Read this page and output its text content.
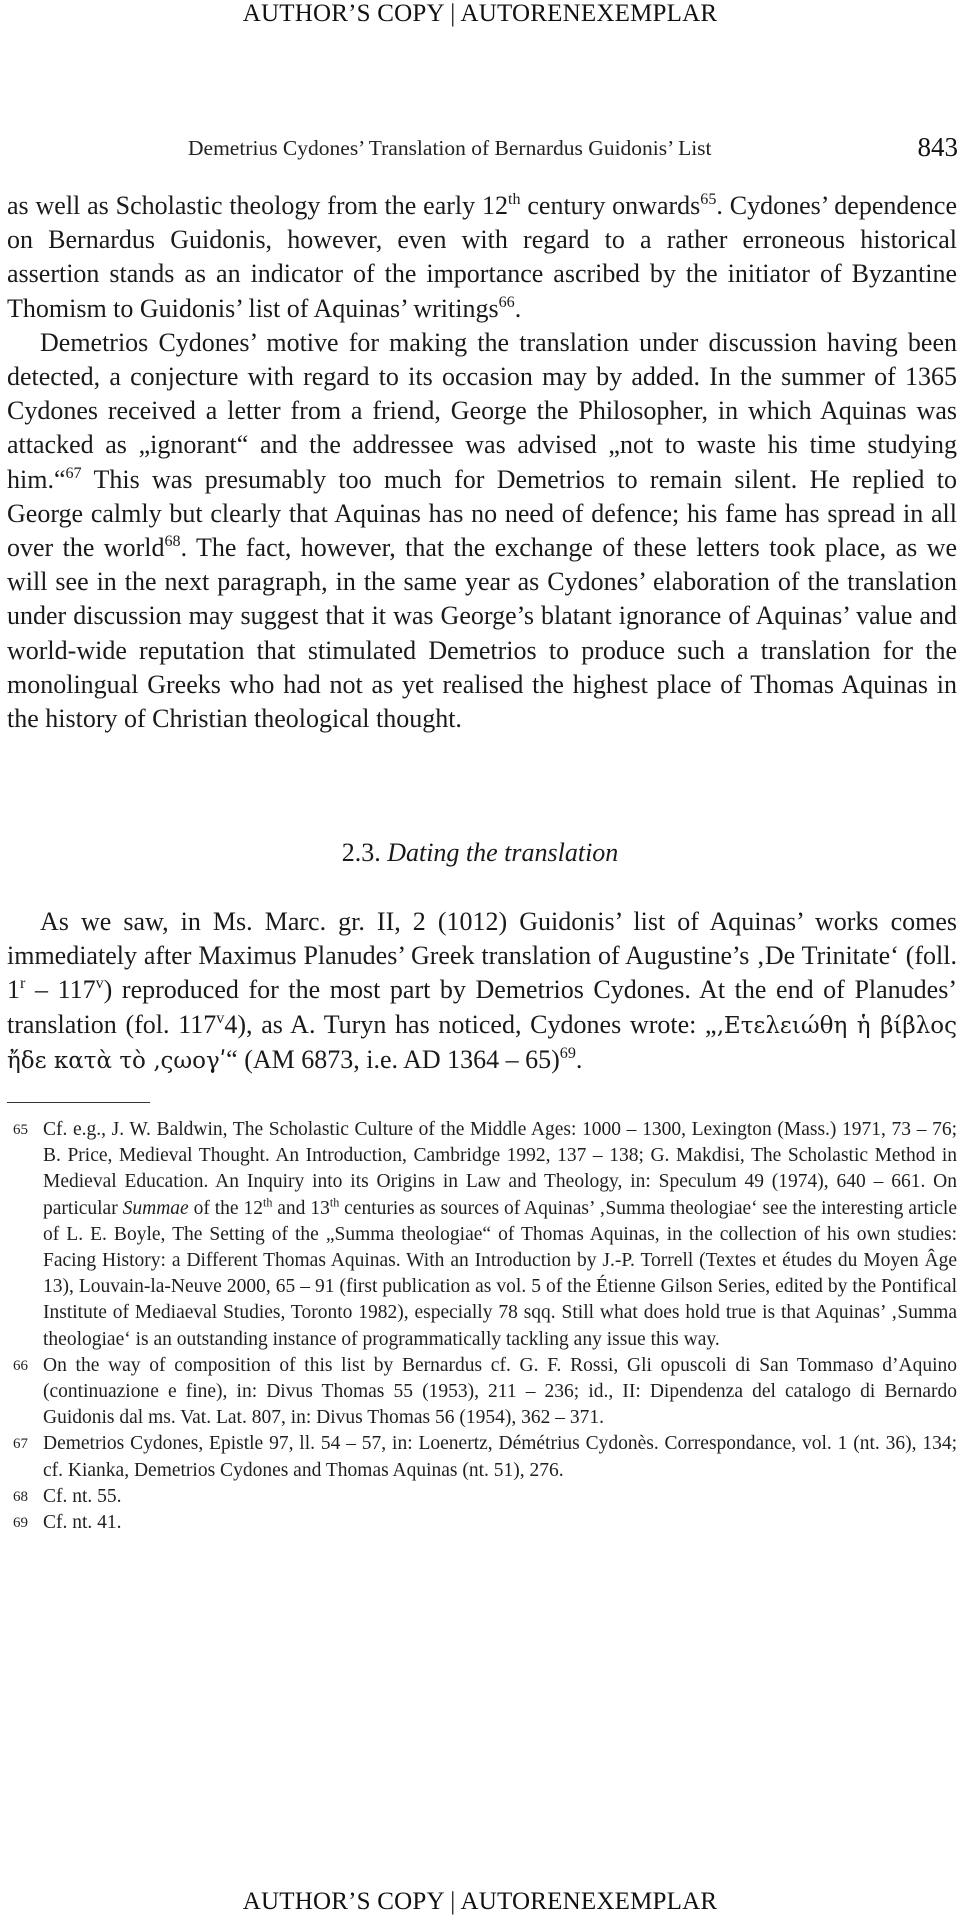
AUTHOR’S COPY | AUTORENEXEMPLAR
Demetrius Cydones’ Translation of Bernardus Guidonis’ List	843

as well as Scholastic theology from the early 12th century onwards$^{65}$. Cydones’ dependence on Bernardus Guidonis, however, even with regard to a rather erroneous historical assertion stands as an indicator of the importance ascribed by the initiator of Byzantine Thomism to Guidonis’ list of Aquinas’ writings$^{66}$.

Demetrios Cydones’ motive for making the translation under discussion having been detected, a conjecture with regard to its occasion may by added. In the summer of 1365 Cydones received a letter from a friend, George the Philosopher, in which Aquinas was attacked as „ignorant“ and the addressee was advised „not to waste his time studying him.“$^{67}$ This was presumably too much for Demetrios to remain silent. He replied to George calmly but clearly that Aquinas has no need of defence; his fame has spread in all over the world$^{68}$. The fact, however, that the exchange of these letters took place, as we will see in the next paragraph, in the same year as Cydones’ elaboration of the translation under discussion may suggest that it was George’s blatant ignorance of Aquinas’ value and world-wide reputation that stimulated Demetrios to produce such a translation for the monolingual Greeks who had not as yet realised the highest place of Thomas Aquinas in the history of Christian theological thought.

2.3. Dating the translation

As we saw, in Ms. Marc. gr. II, 2 (1012) Guidonis’ list of Aquinas’ works comes immediately after Maximus Planudes’ Greek translation of Augustine’s ‚De Trinitate‘ (foll. 1$^r$ – 117$^v$) reproduced for the most part by Demetrios Cydones. At the end of Planudes’ translation (fol. 117$^v$4), as A. Turyn has noticed, Cydones wrote: „‚Ετελειώθη ἡ βίβλος ἤδε κατὰ τὸ ‚ςωογʹ“ (AM 6873, i.e. AD 1364 – 65)$^{69}$.

65 Cf. e.g., J. W. Baldwin, The Scholastic Culture of the Middle Ages: 1000 – 1300, Lexington (Mass.) 1971, 73 – 76; B. Price, Medieval Thought. An Introduction, Cambridge 1992, 137 – 138; G. Makdisi, The Scholastic Method in Medieval Education. An Inquiry into its Origins in Law and Theology, in: Speculum 49 (1974), 640 – 661. On particular Summae of the 12th and 13th centuries as sources of Aquinas’ ‚Summa theologiae‘ see the interesting article of L. E. Boyle, The Setting of the „Summa theologiae“ of Thomas Aquinas, in the collection of his own studies: Facing History: a Different Thomas Aquinas. With an Introduction by J.-P. Torrell (Textes et études du Moyen Âge 13), Louvain-la-Neuve 2000, 65 – 91 (first publication as vol. 5 of the Étienne Gilson Series, edited by the Pontifical Institute of Mediaeval Studies, Toronto 1982), especially 78 sqq. Still what does hold true is that Aquinas’ ‚Summa theologiae‘ is an outstanding instance of programmatically tackling any issue this way.

66 On the way of composition of this list by Bernardus cf. G. F. Rossi, Gli opuscoli di San Tommaso d’Aquino (continuazione e fine), in: Divus Thomas 55 (1953), 211 – 236; id., II: Dipendenza del catalogo di Bernardo Guidonis dal ms. Vat. Lat. 807, in: Divus Thomas 56 (1954), 362 – 371.

67 Demetrios Cydones, Epistle 97, ll. 54 – 57, in: Loenertz, Démétrius Cydonès. Correspondance, vol. 1 (nt. 36), 134; cf. Kianka, Demetrios Cydones and Thomas Aquinas (nt. 51), 276.

68 Cf. nt. 55.

69 Cf. nt. 41.

AUTHOR’S COPY | AUTORENEXEMPLAR
